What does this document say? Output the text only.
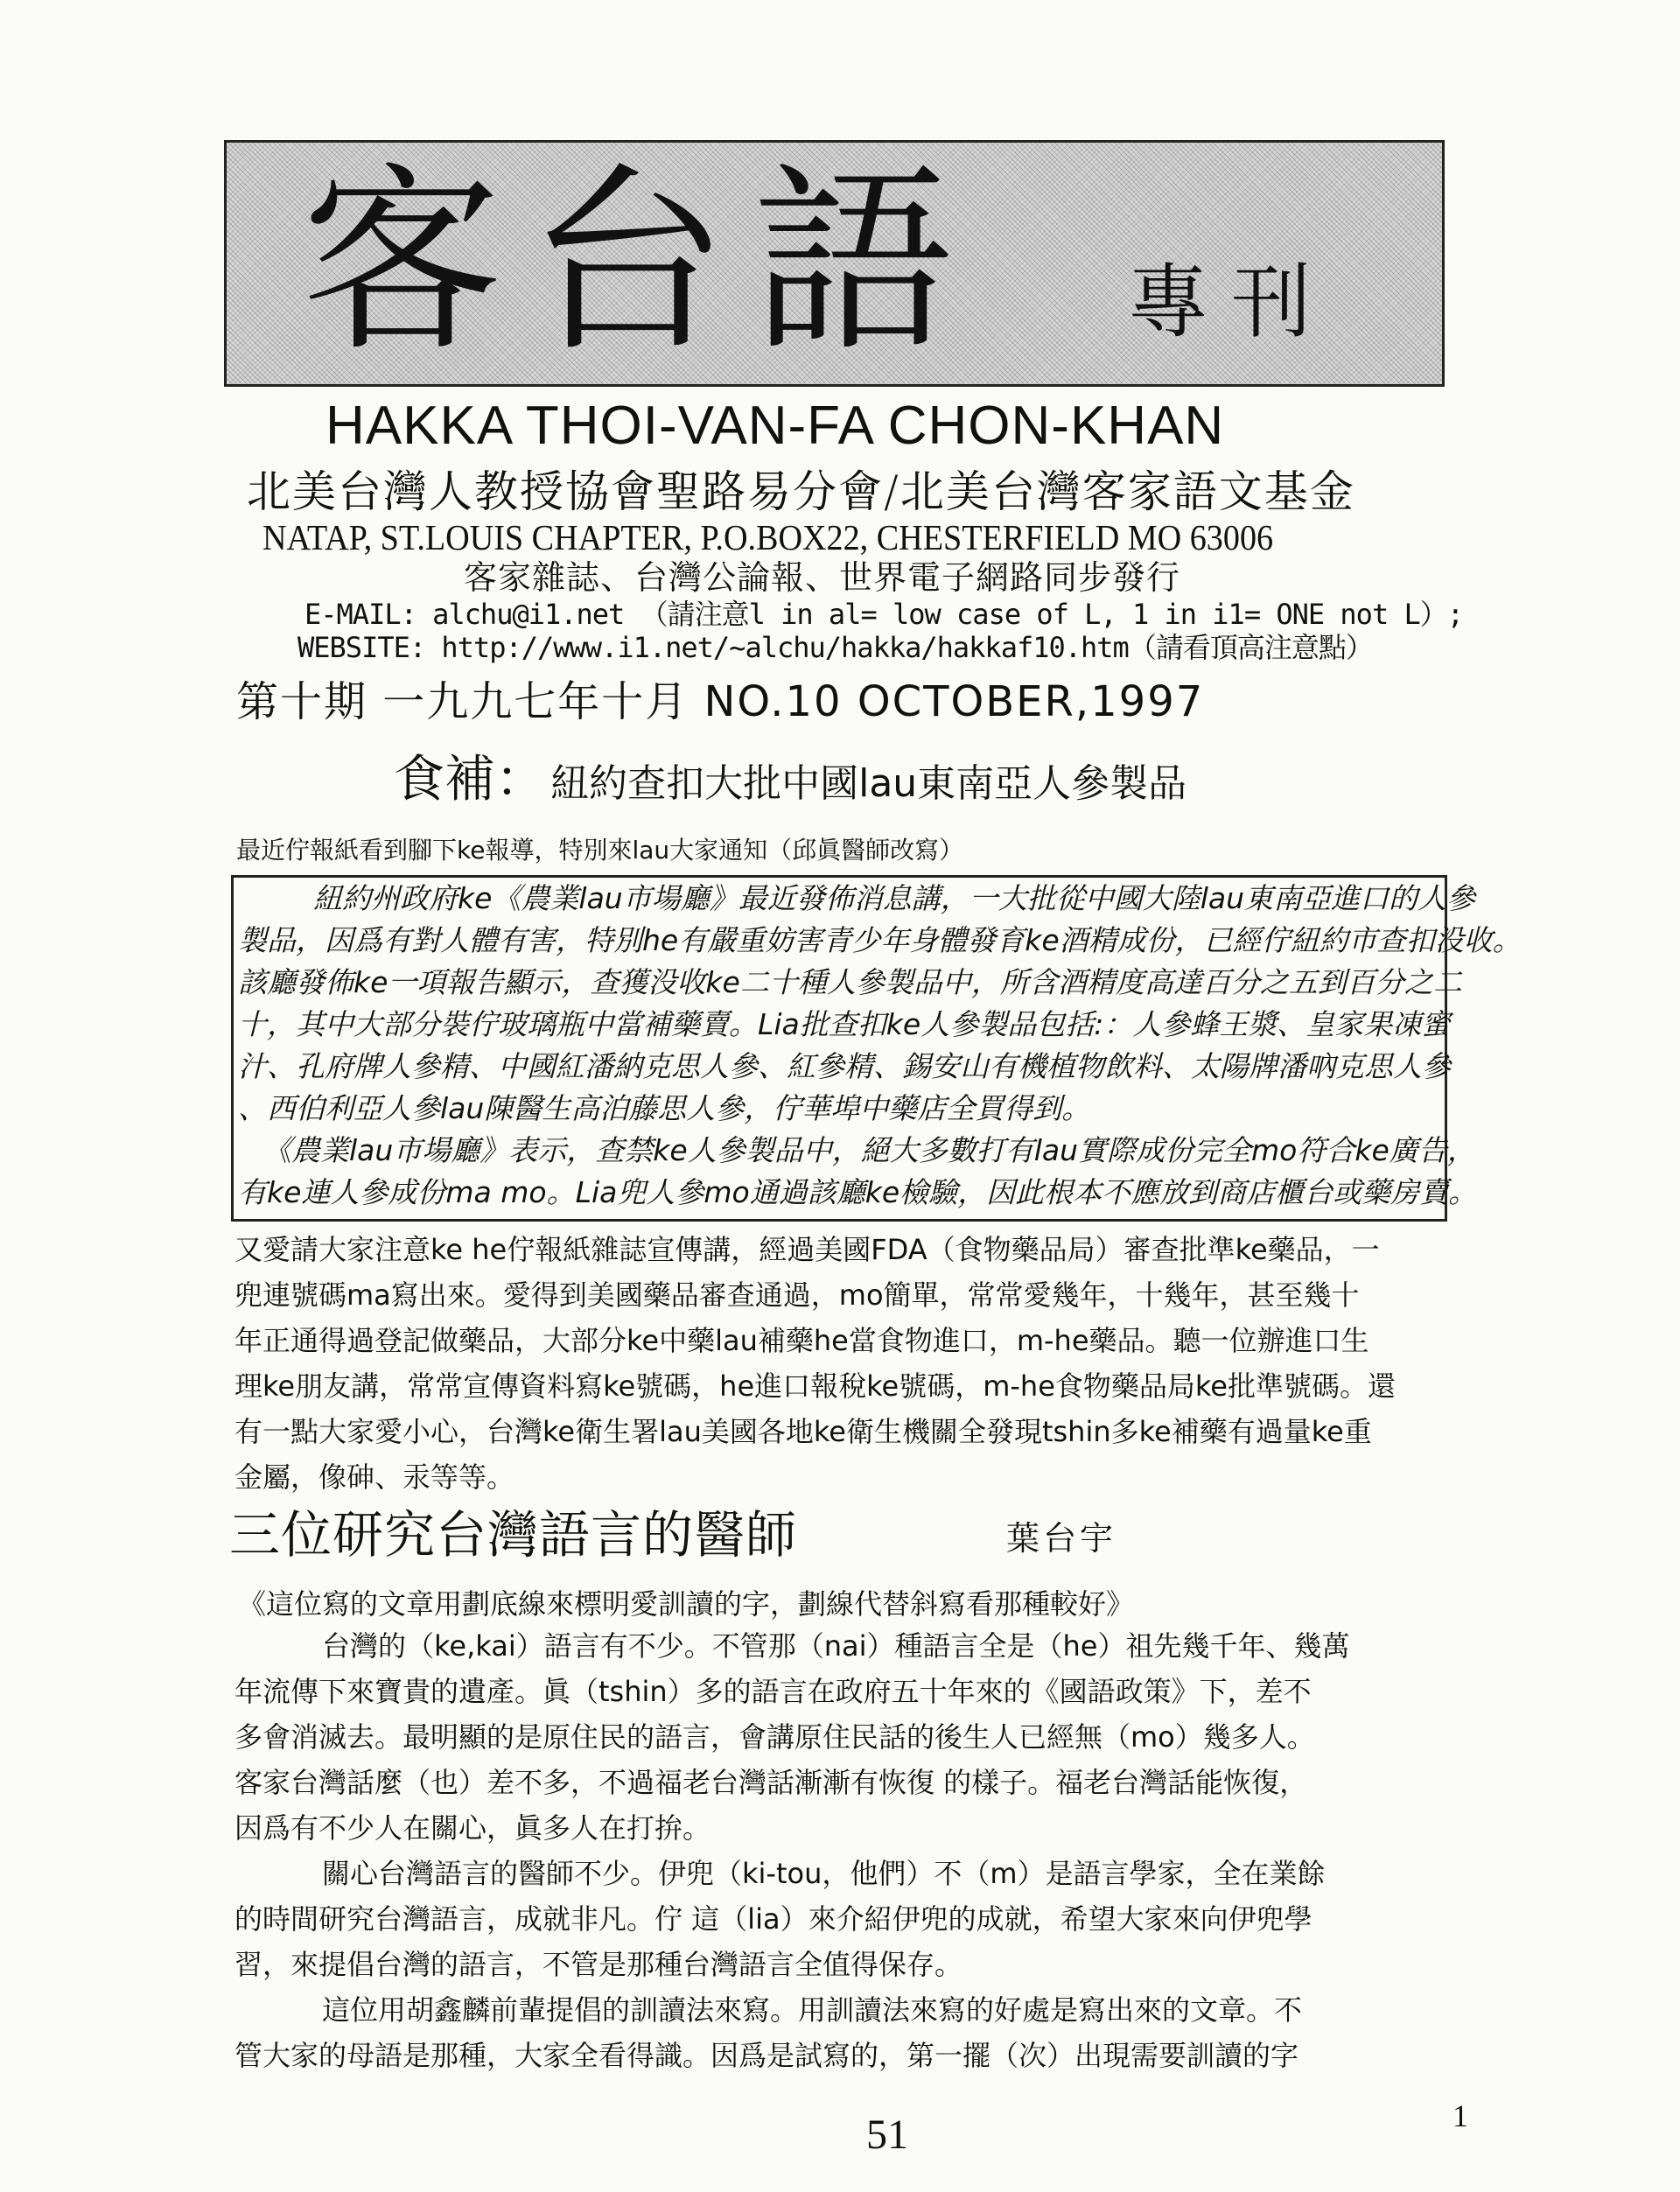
客台語 專刊
HAKKA THOI-VAN-FA CHON-KHAN
北美台灣人教授協會聖路易分會/北美台灣客家語文基金
NATAP, ST.LOUIS CHAPTER, P.O.BOX22, CHESTERFIELD MO 63006
客家雜誌、台灣公論報、世界電子網路同步發行
E-MAIL: alchu@i1.net （請注意l in al= low case of L, 1 in i1= ONE not L）;
WEBSITE: http://www.i1.net/~alchu/hakka/hakkaf10.htm（請看頂高注意點）
第十期 一九九七年十月 NO.10 OCTOBER,1997
食補： 紐約查扣大批中國lau東南亞人參製品
最近佇報紙看到腳下ke報導，特別來lau大家通知（邱眞醫師改寫）
紐約州政府ke《農業lau市場廳》最近發佈消息講，一大批從中國大陸lau東南亞進口的人參
製品，因爲有對人體有害，特別he有嚴重妨害青少年身體發育ke酒精成份，已經佇紐約市查扣没收。
該廳發佈ke一項報告顯示，查獲没收ke二十種人參製品中，所含酒精度高達百分之五到百分之二
十，其中大部分裝佇玻璃瓶中當補藥賣。Lia批查扣ke人參製品包括:：人參蜂王漿、皇家果凍蜜
汁、孔府牌人參精、中國紅潘納克思人參、紅參精、錫安山有機植物飲料、太陽牌潘吶克思人參
、西伯利亞人參lau陳醫生高泊藤思人參，佇華埠中藥店全買得到。
《農業lau市場廳》表示，查禁ke人參製品中，絕大多數打有lau實際成份完全mo符合ke廣告，
有ke連人參成份ma mo。Lia兜人參mo通過該廳ke檢驗，因此根本不應放到商店櫃台或藥房賣。
又愛請大家注意ke he佇報紙雜誌宣傳講，經過美國FDA（食物藥品局）審查批準ke藥品，一
兜連號碼ma寫出來。愛得到美國藥品審查通過，mo簡單，常常愛幾年，十幾年，甚至幾十
年正通得過登記做藥品，大部分ke中藥lau補藥he當食物進口，m-he藥品。聽一位辦進口生
理ke朋友講，常常宣傳資料寫ke號碼，he進口報稅ke號碼，m-he食物藥品局ke批準號碼。還
有一點大家愛小心，台灣ke衛生署lau美國各地ke衛生機關全發現tshin多ke補藥有過量ke重
金屬，像砷、汞等等。
三位研究台灣語言的醫師	葉台宇
《這位寫的文章用劃底線來標明愛訓讀的字，劃線代替斜寫看那種較好》
台灣的（ke,kai）語言有不少。不管那（nai）種語言全是（he）祖先幾千年、幾萬
年流傳下來寶貴的遺產。眞（tshin）多的語言在政府五十年來的《國語政策》下，差不
多會消滅去。最明顯的是原住民的語言，會講原住民話的後生人已經無（mo）幾多人。
客家台灣話麼（也）差不多，不過福老台灣話漸漸有恢復 的樣子。福老台灣話能恢復，
因爲有不少人在關心，眞多人在打拚。
關心台灣語言的醫師不少。伊兜（ki-tou，他們）不（m）是語言學家，全在業餘
的時間研究台灣語言，成就非凡。佇 這（lia）來介紹伊兜的成就，希望大家來向伊兜學
習，來提倡台灣的語言，不管是那種台灣語言全值得保存。
這位用胡鑫麟前輩提倡的訓讀法來寫。用訓讀法來寫的好處是寫出來的文章。不
管大家的母語是那種，大家全看得識。因爲是試寫的，第一擺（次）出現需要訓讀的字
51	1
